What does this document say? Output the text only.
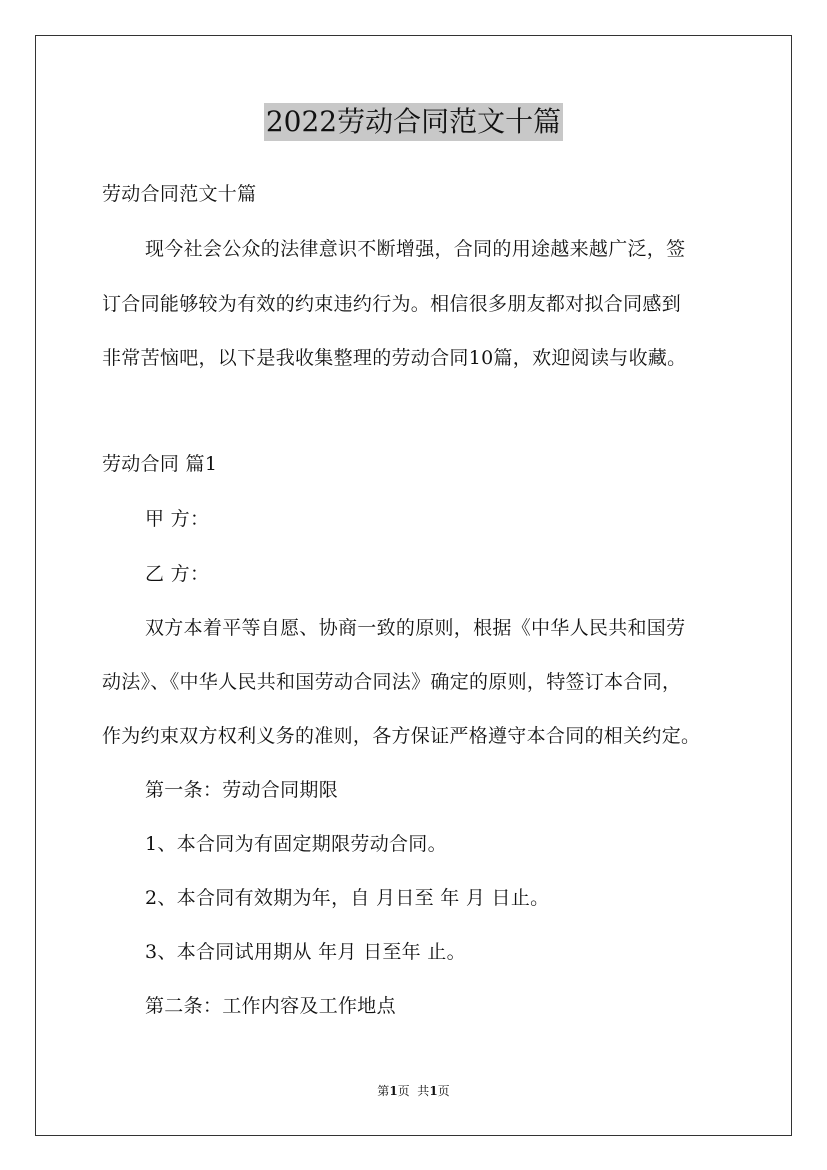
2022劳动合同范文十篇
劳动合同范文十篇
现今社会公众的法律意识不断增强，合同的用途越来越广泛，签
订合同能够较为有效的约束违约行为。相信很多朋友都对拟合同感到
非常苦恼吧，以下是我收集整理的劳动合同10篇，欢迎阅读与收藏。
劳动合同 篇1
甲 方：
乙 方：
双方本着平等自愿、协商一致的原则，根据《中华人民共和国劳
动法》、《中华人民共和国劳动合同法》确定的原则，特签订本合同，
作为约束双方权利义务的准则，各方保证严格遵守本合同的相关约定。
第一条：劳动合同期限
1、本合同为有固定期限劳动合同。
2、本合同有效期为年，自 月日至 年 月 日止。
3、本合同试用期从 年月 日至年 止。
第二条：工作内容及工作地点
第1页  共1页
